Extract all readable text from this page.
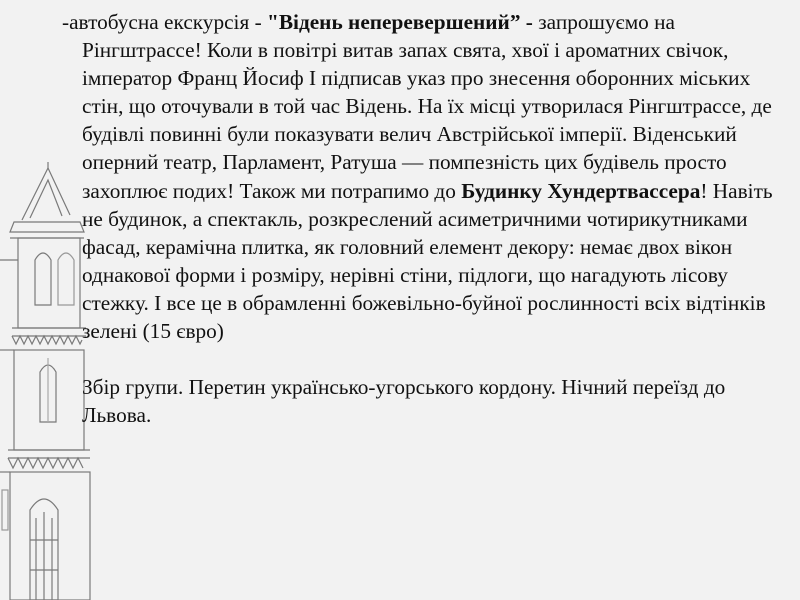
-автобусна екскурсія - "Відень неперевершений” - запрошуємо на Рінгштрассе! Коли в повітрі витав запах свята, хвої і ароматних свічок, імператор Франц Йосиф I підписав указ про знесення оборонних міських стін, що оточували в той час Відень. На їх місці утворилася Рінгштрассе, де будівлі повинні були показувати велич Австрійської імперії. Віденський оперний театр, Парламент, Ратуша — помпезність цих будівель просто захоплює подих! Також ми потрапимо до Будинку Хундертвассера! Навіть не будинок, а спектакль, розкреслений асиметричними чотирикутниками фасад, керамічна плитка, як головний елемент декору: немає двох вікон однакової форми і розміру, нерівні стіни, підлоги, що нагадують лісову стежку. І все це в обрамленні божевільно-буйної рослинності всіх відтінків зелені (15 євро)

Збір групи. Перетин українсько-угорського кордону. Нічний переїзд до Львова.
